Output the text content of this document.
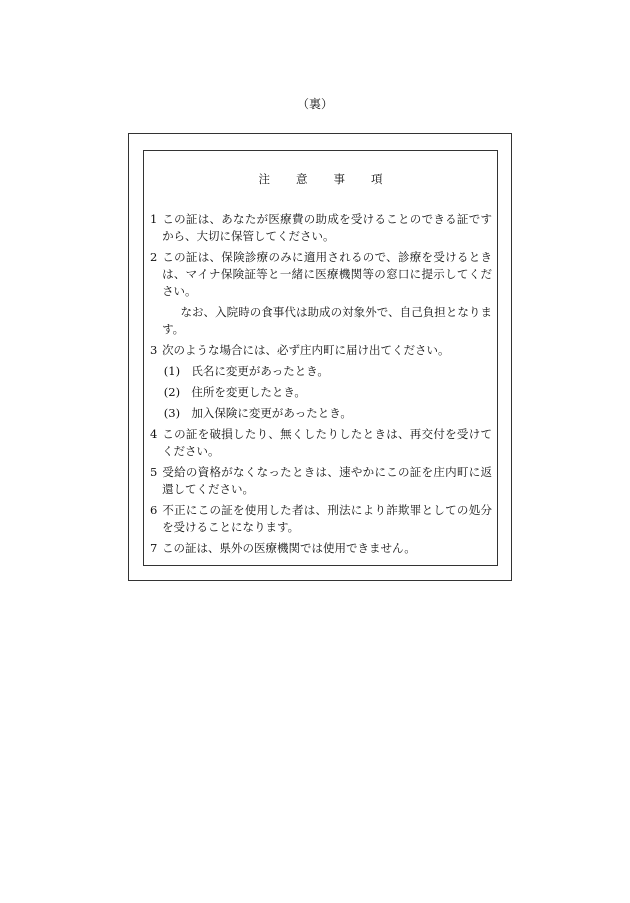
（裏）
注 意 事 項

1 この証は、あなたが医療費の助成を受けることのできる証ですから、大切に保管してください。

2 この証は、保険診療のみに適用されるので、診療を受けるときは、マイナ保険証等と一緒に医療機関等の窓口に提示してください。

なお、入院時の食事代は助成の対象外で、自己負担となります。

3 次のような場合には、必ず庄内町に届け出てください。

(1) 氏名に変更があったとき。

(2) 住所を変更したとき。

(3) 加入保険に変更があったとき。

4 この証を破損したり、無くしたりしたときは、再交付を受けてください。

5 受給の資格がなくなったときは、速やかにこの証を庄内町に返還してください。

6 不正にこの証を使用した者は、刑法により詐欺罪としての処分を受けることになります。

7 この証は、県外の医療機関では使用できません。
